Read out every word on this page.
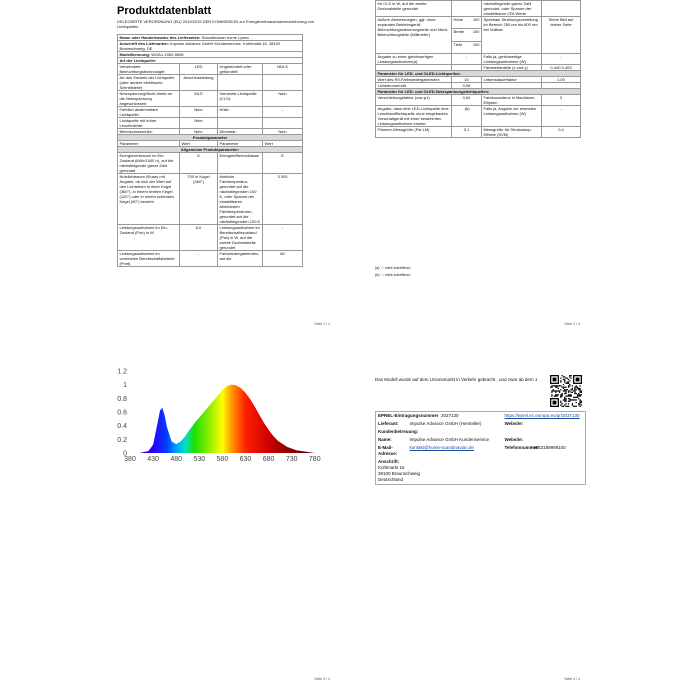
Produktdatenblatt
DELEGIERTE VERORDNUNG (EU) 2019/2015 DER KOMMISSION zur Energieverbrauchskennzeichnung von Lichtquellen
Name oder Handelsmarke des Lieferanten: Scandinavian home Lysea			
Anschrift des Lieferanten: Impulse Advance GmbH Kundenservice, Kohlmarkt 16, 38100 Braunschweig, DE			
Modellkennung: WOA1-1952-5696			
Art der Lichtquelle:			
Verwendete Beleuchtungstechnologie:	LED	Ungebündelt oder gebündelt:	NDLS
Art des Sockels der Lichtquelle (oder andere elektrische Schnittstelle)	Anschlussleitung		
Netzspannung/Nicht direkt an die Netzspannung angeschlossen:	MLS	Vernetzte Lichtquelle (CLS):	Nein
Farblich abstimmbare Lichtquelle:	Nein	Hülle:	-
Lichtquelle mit hoher Leuchtdichte:	Nein		
Blendschutzschild:	Nein	Dimmbar:	Nein
Produktparameter			
Parameter	Wert	Parameter	Wert
Allgemeine Produktparameter:			
Energieverbrauch im Ein-Zustand (kWh/1000 h), auf die nächstliegende ganze Zahl gerundet	6	Energieeffizienzklasse	E
Nutzlichtstrom (Φuse) mit Angabe, ob sich der Wert auf den Lichtstrom in einer Kugel (360°), in einem breiten Kegel (120°) oder in einem schmalen Kegel (90°) bezieht	700 in Kugel (360°)	ähnliche Farbtemperatur, gerundet auf die nächstliegenden 100 K, oder Spanne der einstellbaren ähnlichsten Farbtemperaturen, gerundet auf die nächstliegenden 100 K	3 000
Leistungsaufnahme im Ein-Zustand (Pon) in W	6,0	Leistungsaufnahme im Bereitschaftszustand (Psb) in W, auf die zweite Dezimalstelle gerundet	-
Leistungsaufnahme im vernetzten Bereitschaftsbetrieb (Pnet)	-	Farbwiedergabeindex, auf die	80
Seite 1 / 4
für CLS in W, auf die zweite Dezimalstelle gerundet		nächstliegende ganze Zahl gerundet, oder Spanne der einstellbaren CRI-Werte	
äußere Abmessungen, ggf. ohne separates Betriebsgerät, Beleuchtungssteuerungsteile und Nicht-Beleuchtungsteile (Millimeter)	Höhe 100	Spektrale Strahlungsverteilung im Bereich 250 nm bis 800 nm bei Volllast	Siehe Bild auf letzter Seite
	Breite 100		

	Tiefe 100		

Angabe zu einer gleichwertigen Leistungsaufnahme(a)	-	Falls ja, gleichwertige Leistungsaufnahme (W)	-
		Farbwertanteile (x und y)	0,440 0,403
Parameter für LED- und OLED-Lichtquellen:			
Wert des R9-Farbwiedergabeindex	10	Lebensdauerfaktor	1,00
Lichtstromerhalt	0,96		
Parameter für LED- und OLED-Netzspannungslichtquellen:			
Verschiebungsfaktor (cos φ1)	0,64	Farbkonsistenz in MacAdam-Ellipsen	3
Angabe, dass eine LED-Lichtquelle eine Leuchtstofflichtquelle ohne eingebautes Vorschaltgerät mit einer bestimmten Leistungsaufnahme ersetzt.	-(b)	Falls ja, Angabe zur ersetzten Leistungsaufnahme (W)	-
Flimmer-Messgröße (Pst LM)	0,1	Messgröße für Stroboskop-Effekte (SVM)	0,4
(a) '-': nicht zutreffend;
(b) '-': nicht zutreffend;
Seite 2 / 4
0
0.2
0.4
0.6
0.8
1
1.2
380 430 480 530 580 630 680 730 780
Seite 3 / 4
Das Modell wurde auf dem Unionsmarkt in Verkehr gebracht , und zwar ab dem 1
EPREL-Eintragungsnummer 2037130		https://eprel.ec.europa.eu/qr/2037130	
Lieferant:	Impulse Advance GmbH (Hersteller)	Website:	
Kundenbetreuung:			
Name:	Impulse Advance GmbH Kundenservice	Website:	
E-Mail-Adresse:	kontakt@home-scandinavian.de	Telefonnummer:	+4953189999100
Anschrift:
Kohlmarkt 16
38100 Braunschweig
Deutschland			
Seite 4 / 4
